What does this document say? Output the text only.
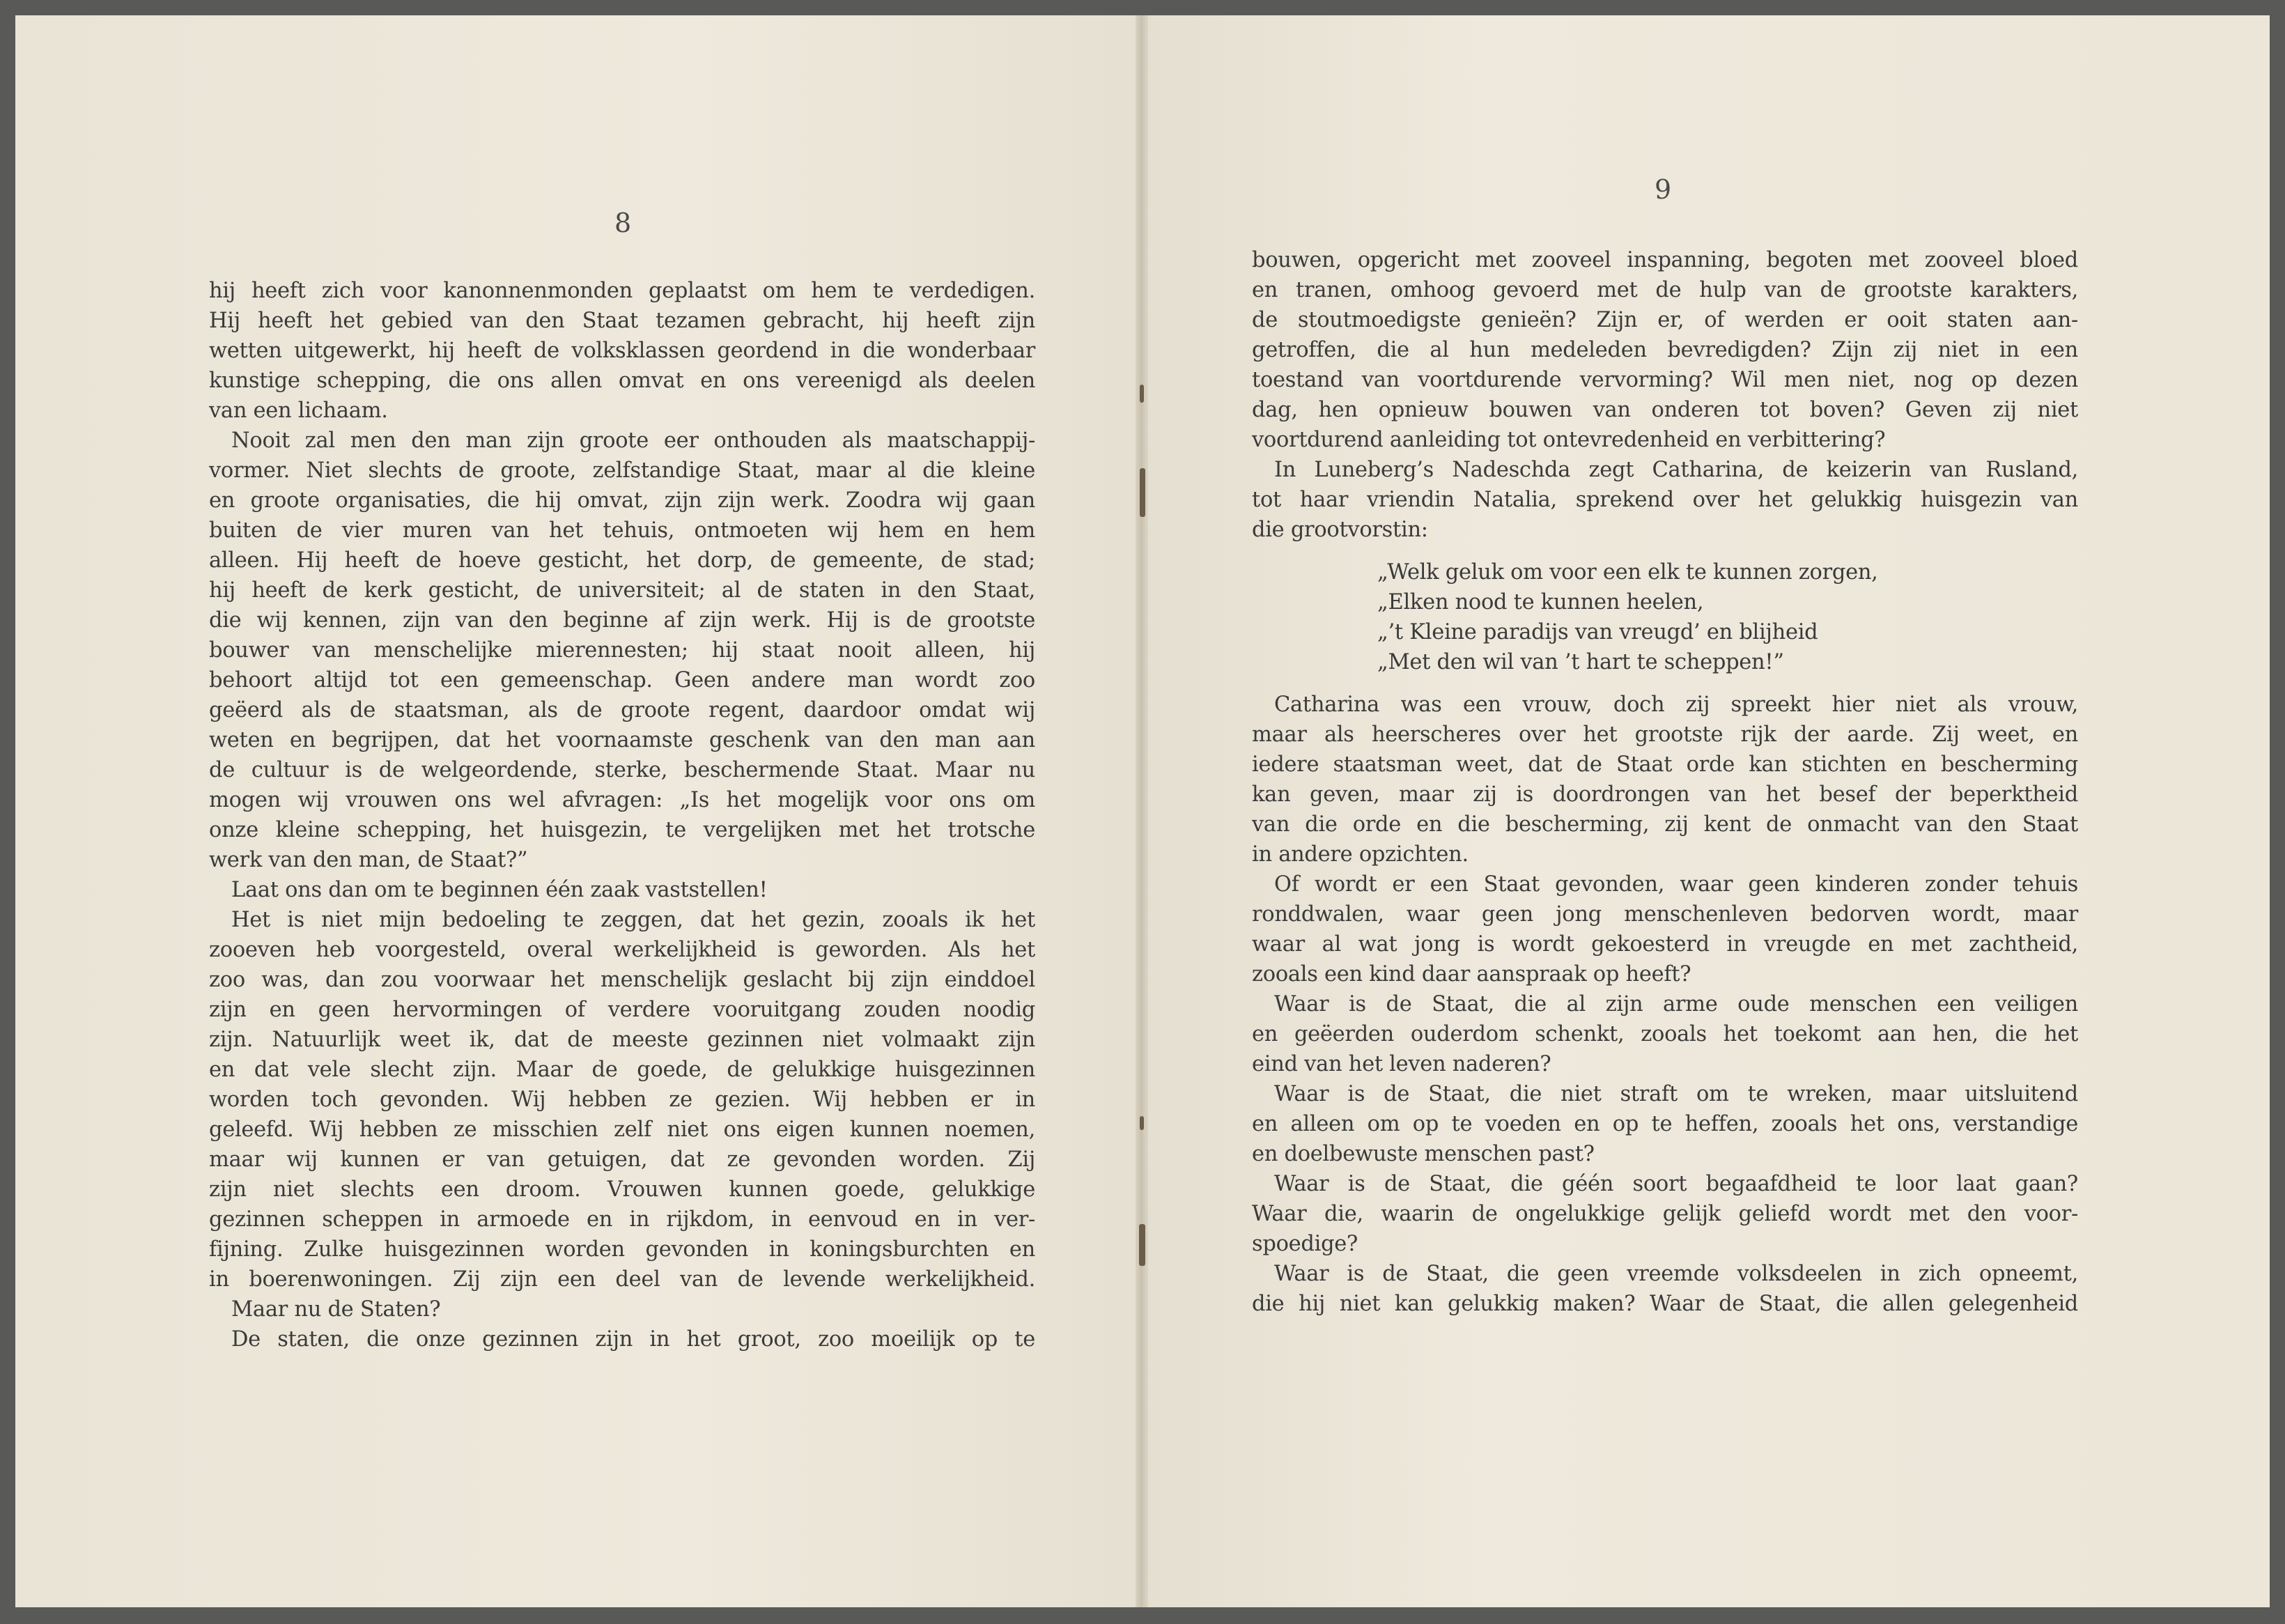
8
9
hij heeft zich voor kanonnenmonden geplaatst om hem te verdedigen.
Hij heeft het gebied van den Staat tezamen gebracht, hij heeft zijn
wetten uitgewerkt, hij heeft de volksklassen geordend in die wonderbaar
kunstige schepping, die ons allen omvat en ons vereenigd als deelen
van een lichaam.
Nooit zal men den man zijn groote eer onthouden als maatschappij-
vormer. Niet slechts de groote, zelfstandige Staat, maar al die kleine
en groote organisaties, die hij omvat, zijn zijn werk. Zoodra wij gaan
buiten de vier muren van het tehuis, ontmoeten wij hem en hem
alleen. Hij heeft de hoeve gesticht, het dorp, de gemeente, de stad;
hij heeft de kerk gesticht, de universiteit; al de staten in den Staat,
die wij kennen, zijn van den beginne af zijn werk. Hij is de grootste
bouwer van menschelijke mierennesten; hij staat nooit alleen, hij
behoort altijd tot een gemeenschap. Geen andere man wordt zoo
geëerd als de staatsman, als de groote regent, daardoor omdat wij
weten en begrijpen, dat het voornaamste geschenk van den man aan
de cultuur is de welgeordende, sterke, beschermende Staat. Maar nu
mogen wij vrouwen ons wel afvragen: „Is het mogelijk voor ons om
onze kleine schepping, het huisgezin, te vergelijken met het trotsche
werk van den man, de Staat?”
Laat ons dan om te beginnen één zaak vaststellen!
Het is niet mijn bedoeling te zeggen, dat het gezin, zooals ik het
zooeven heb voorgesteld, overal werkelijkheid is geworden. Als het
zoo was, dan zou voorwaar het menschelijk geslacht bij zijn einddoel
zijn en geen hervormingen of verdere vooruitgang zouden noodig
zijn. Natuurlijk weet ik, dat de meeste gezinnen niet volmaakt zijn
en dat vele slecht zijn. Maar de goede, de gelukkige huisgezinnen
worden toch gevonden. Wij hebben ze gezien. Wij hebben er in
geleefd. Wij hebben ze misschien zelf niet ons eigen kunnen noemen,
maar wij kunnen er van getuigen, dat ze gevonden worden. Zij
zijn niet slechts een droom. Vrouwen kunnen goede, gelukkige
gezinnen scheppen in armoede en in rijkdom, in eenvoud en in ver-
fijning. Zulke huisgezinnen worden gevonden in koningsburchten en
in boerenwoningen. Zij zijn een deel van de levende werkelijkheid.
Maar nu de Staten?
De staten, die onze gezinnen zijn in het groot, zoo moeilijk op te
bouwen, opgericht met zooveel inspanning, begoten met zooveel bloed
en tranen, omhoog gevoerd met de hulp van de grootste karakters,
de stoutmoedigste genieën? Zijn er, of werden er ooit staten aan-
getroffen, die al hun medeleden bevredigden? Zijn zij niet in een
toestand van voortdurende vervorming? Wil men niet, nog op dezen
dag, hen opnieuw bouwen van onderen tot boven? Geven zij niet
voortdurend aanleiding tot ontevredenheid en verbittering?
In Luneberg’s Nadeschda zegt Catharina, de keizerin van Rusland,
tot haar vriendin Natalia, sprekend over het gelukkig huisgezin van
die grootvorstin:
„Welk geluk om voor een elk te kunnen zorgen,
„Elken nood te kunnen heelen,
„’t Kleine paradijs van vreugd’ en blijheid
„Met den wil van ’t hart te scheppen!”
Catharina was een vrouw, doch zij spreekt hier niet als vrouw,
maar als heerscheres over het grootste rijk der aarde. Zij weet, en
iedere staatsman weet, dat de Staat orde kan stichten en bescherming
kan geven, maar zij is doordrongen van het besef der beperktheid
van die orde en die bescherming, zij kent de onmacht van den Staat
in andere opzichten.
Of wordt er een Staat gevonden, waar geen kinderen zonder tehuis
ronddwalen, waar geen jong menschenleven bedorven wordt, maar
waar al wat jong is wordt gekoesterd in vreugde en met zachtheid,
zooals een kind daar aanspraak op heeft?
Waar is de Staat, die al zijn arme oude menschen een veiligen
en geëerden ouderdom schenkt, zooals het toekomt aan hen, die het
eind van het leven naderen?
Waar is de Staat, die niet straft om te wreken, maar uitsluitend
en alleen om op te voeden en op te heffen, zooals het ons, verstandige
en doelbewuste menschen past?
Waar is de Staat, die géén soort begaafdheid te loor laat gaan?
Waar die, waarin de ongelukkige gelijk geliefd wordt met den voor-
spoedige?
Waar is de Staat, die geen vreemde volksdeelen in zich opneemt,
die hij niet kan gelukkig maken? Waar de Staat, die allen gelegenheid
